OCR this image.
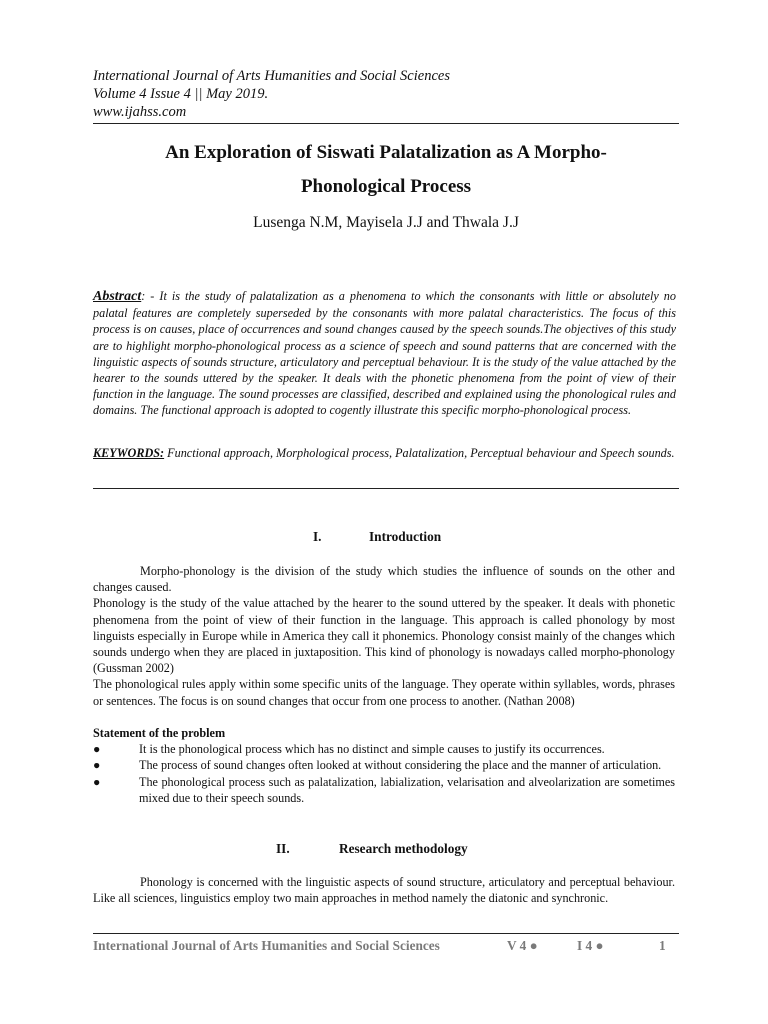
International Journal of Arts Humanities and Social Sciences
Volume 4 Issue 4 || May 2019.
www.ijahss.com
An Exploration of Siswati Palatalization as A Morpho-
Phonological Process
Lusenga N.M, Mayisela J.J and Thwala J.J
Abstract: - It is the study of palatalization as a phenomena to which the consonants with little or absolutely no palatal features are completely superseded by the consonants with more palatal characteristics. The focus of this process is on causes, place of occurrences and sound changes caused by the speech sounds.The objectives of this study are to highlight morpho-phonological process as a science of speech and sound patterns that are concerned with the linguistic aspects of sounds structure, articulatory and perceptual behaviour. It is the study of the value attached by the hearer to the sounds uttered by the speaker. It deals with the phonetic phenomena from the point of view of their function in the language. The sound processes are classified, described and explained using the phonological rules and domains. The functional approach is adopted to cogently illustrate this specific morpho-phonological process.
KEYWORDS: Functional approach, Morphological process, Palatalization, Perceptual behaviour and Speech sounds.
I.	Introduction

Morpho-phonology is the division of the study which studies the influence of sounds on the other and changes caused.

Phonology is the study of the value attached by the hearer to the sound uttered by the speaker. It deals with phonetic phenomena from the point of view of their function in the language. This approach is called phonology by most linguists especially in Europe while in America they call it phonemics. Phonology consist mainly of the changes which sounds undergo when they are placed in juxtaposition. This kind of phonology is nowadays called morpho-phonology (Gussman 2002)

The phonological rules apply within some specific units of the language. They operate within syllables, words, phrases or sentences. The focus is on sound changes that occur from one process to another. (Nathan 2008)

Statement of the problem
●	It is the phonological process which has no distinct and simple causes to justify its occurrences.
●	The process of sound changes often looked at without considering the place and the manner of articulation.
●	The phonological process such as palatalization, labialization, velarisation and alveolarization are sometimes mixed due to their speech sounds.
II.	Research methodology

Phonology is concerned with the linguistic aspects of sound structure, articulatory and perceptual behaviour. Like all sciences, linguistics employ two main approaches in method namely the diatonic and synchronic.

International Journal of Arts Humanities and Social Sciences	V 4 ●	I 4 ●	1
